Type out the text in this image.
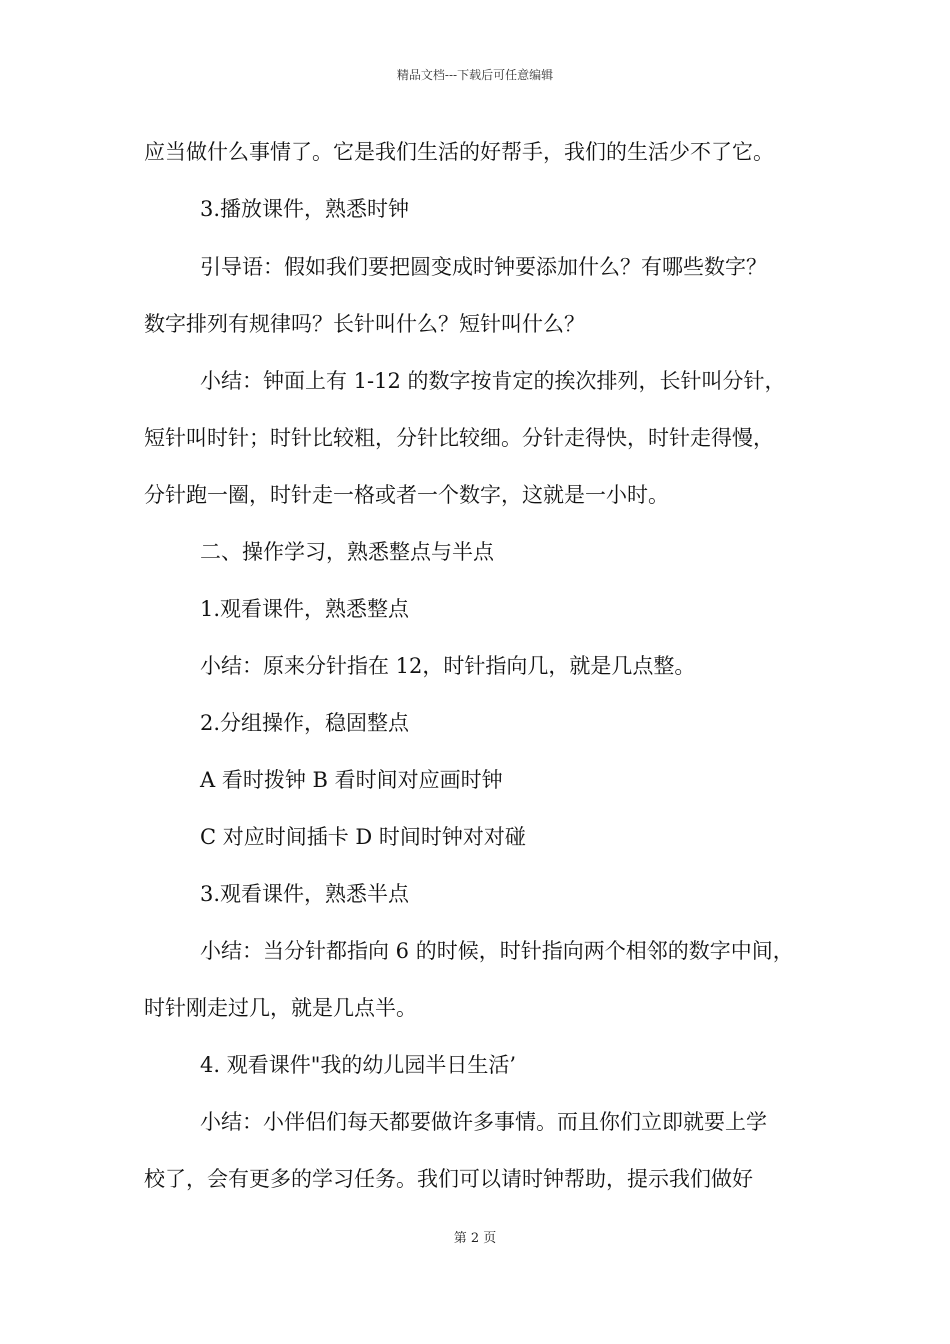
精品文档---下载后可任意编辑
应当做什么事情了。它是我们生活的好帮手，我们的生活少不了它。
3.播放课件，熟悉时钟
引导语：假如我们要把圆变成时钟要添加什么？有哪些数字？
数字排列有规律吗？长针叫什么？短针叫什么？
小结：钟面上有 1-12 的数字按肯定的挨次排列，长针叫分针，
短针叫时针；时针比较粗，分针比较细。分针走得快，时针走得慢，
分针跑一圈，时针走一格或者一个数字，这就是一小时。
二、操作学习，熟悉整点与半点
1.观看课件，熟悉整点
小结：原来分针指在 12，时针指向几，就是几点整。
2.分组操作，稳固整点
A 看时拨钟 B 看时间对应画时钟
C 对应时间插卡 D 时间时钟对对碰
3.观看课件，熟悉半点
小结：当分针都指向 6 的时候，时针指向两个相邻的数字中间，
时针刚走过几，就是几点半。
4. 观看课件"我的幼儿园半日生活’
小结：小伴侣们每天都要做许多事情。而且你们立即就要上学
校了，会有更多的学习任务。我们可以请时钟帮助，提示我们做好
第 2 页
